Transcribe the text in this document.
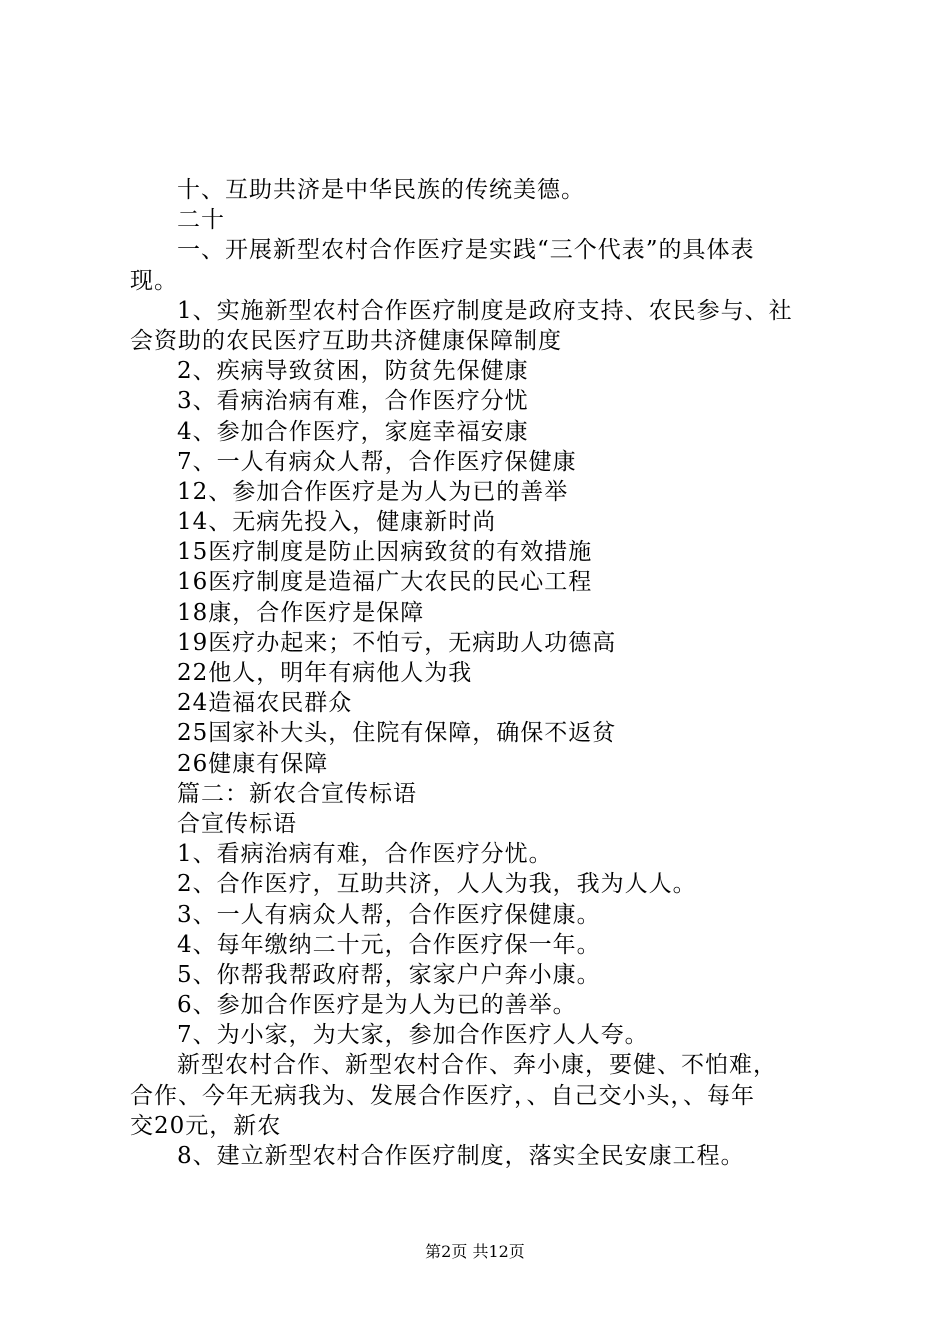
十、互助共济是中华民族的传统美德。
二十
一、开展新型农村合作医疗是实践“三个代表”的具体表
现。
1、实施新型农村合作医疗制度是政府支持、农民参与、社
会资助的农民医疗互助共济健康保障制度
2、疾病导致贫困，防贫先保健康
3、看病治病有难，合作医疗分忧
4、参加合作医疗，家庭幸福安康
7、一人有病众人帮，合作医疗保健康
12、参加合作医疗是为人为已的善举
14、无病先投入，健康新时尚
15医疗制度是防止因病致贫的有效措施
16医疗制度是造福广大农民的民心工程
18康，合作医疗是保障
19医疗办起来；不怕亏，无病助人功德高
22他人，明年有病他人为我
24造福农民群众
25国家补大头，住院有保障，确保不返贫
26健康有保障
篇二：新农合宣传标语
合宣传标语
1、看病治病有难，合作医疗分忧。
2、合作医疗，互助共济，人人为我，我为人人。
3、一人有病众人帮，合作医疗保健康。
4、每年缴纳二十元，合作医疗保一年。
5、你帮我帮政府帮，家家户户奔小康。
6、参加合作医疗是为人为已的善举。
7、为小家，为大家，参加合作医疗人人夸。
新型农村合作、新型农村合作、奔小康，要健、不怕难，
合作、今年无病我为、发展合作医疗，、自己交小头，、每年
交20元，新农
8、建立新型农村合作医疗制度，落实全民安康工程。
第2页 共12页
